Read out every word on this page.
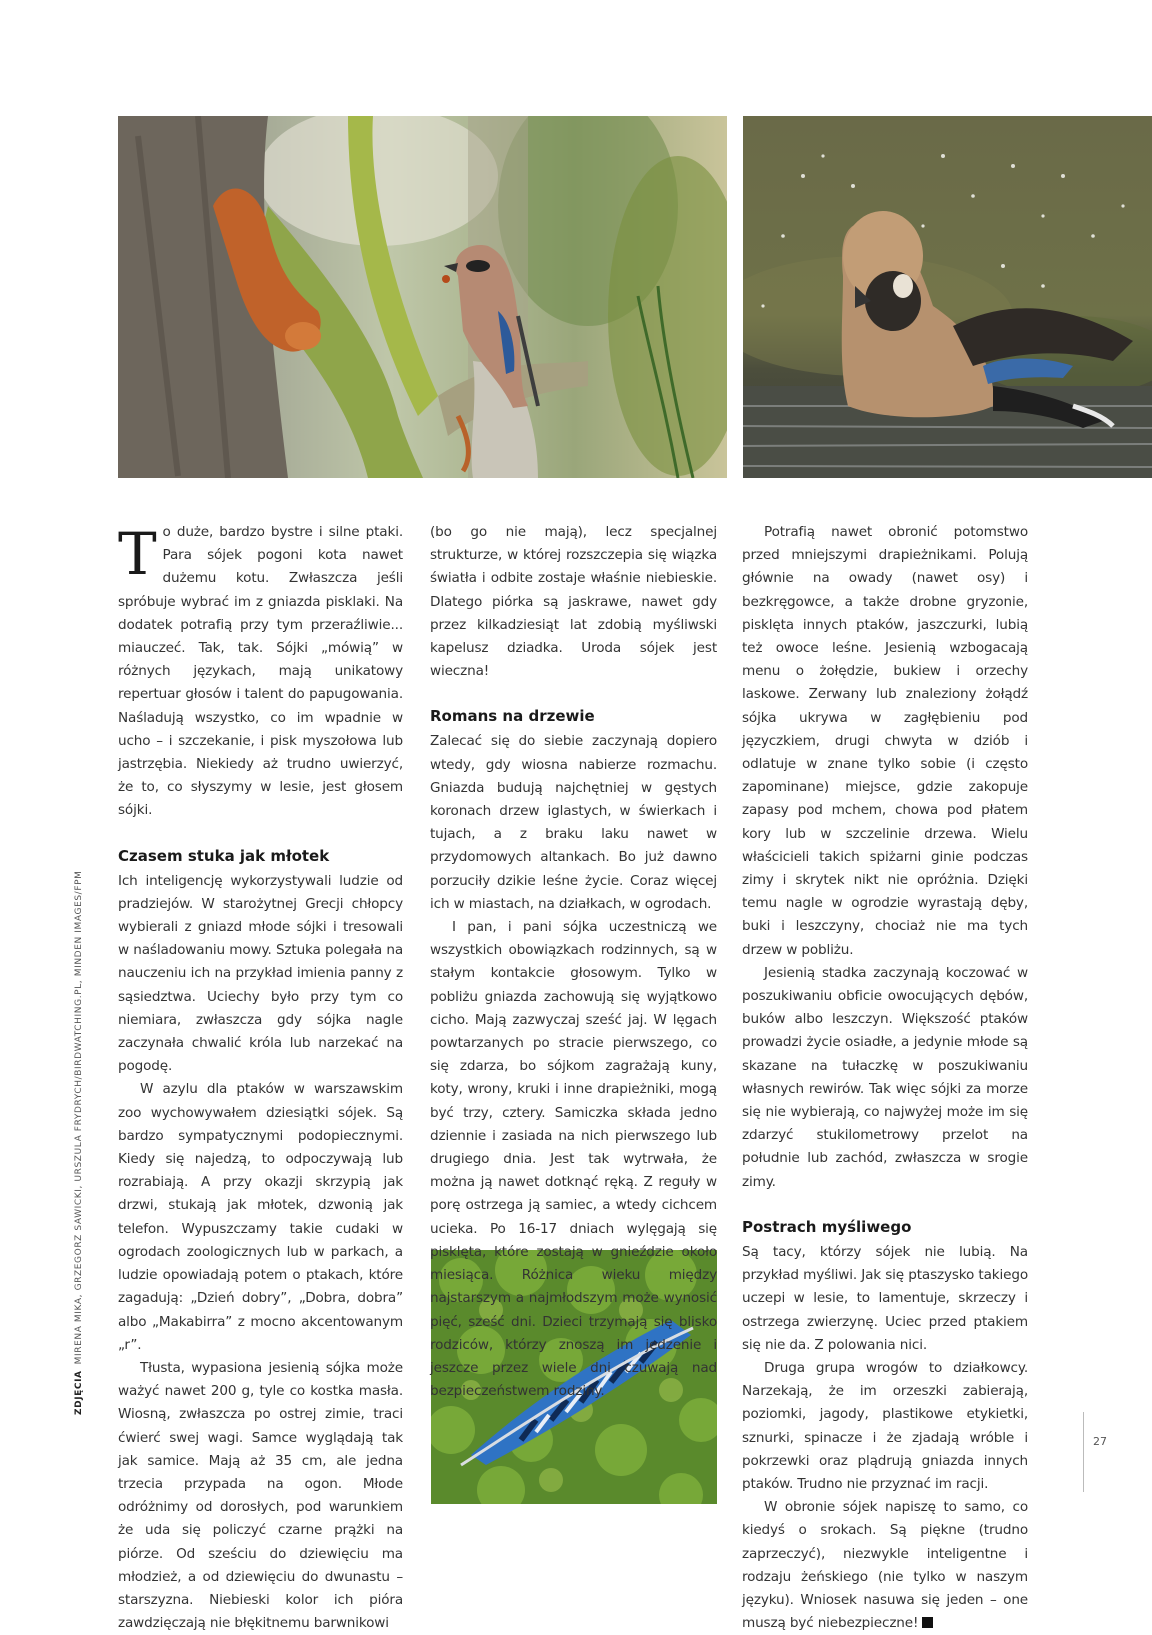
To duże, bardzo bystre i silne ptaki. Para sójek pogoni kota nawet dużemu kotu. Zwłaszcza jeśli spróbuje wybrać im z gniazda pisklaki. Na dodatek potrafią przy tym przeraźliwie... miauczeć. Tak, tak. Sójki „mówią” w różnych językach, mają unikatowy repertuar głosów i talent do papugowania. Naśladują wszystko, co im wpadnie w ucho – i szczekanie, i pisk myszołowa lub jastrzębia. Niekiedy aż trudno uwierzyć, że to, co słyszymy w lesie, jest głosem sójki.

Czasem stuka jak młotek

Ich inteligencję wykorzystywali ludzie od pradziejów. W starożytnej Grecji chłopcy wybierali z gniazd młode sójki i tresowali w naśladowaniu mowy. Sztuka polegała na nauczeniu ich na przykład imienia panny z sąsiedztwa. Uciechy było przy tym co niemiara, zwłaszcza gdy sójka nagle zaczynała chwalić króla lub narzekać na pogodę.

W azylu dla ptaków w warszawskim zoo wychowywałem dziesiątki sójek. Są bardzo sympatycznymi podopiecznymi. Kiedy się najedzą, to odpoczywają lub rozrabiają. A przy okazji skrzypią jak drzwi, stukają jak młotek, dzwonią jak telefon. Wypuszczamy takie cudaki w ogrodach zoologicznych lub w parkach, a ludzie opowiadają potem o ptakach, które zagadują: „Dzień dobry”, „Dobra, dobra” albo „Makabirra” z mocno akcentowanym „r”.

Tłusta, wypasiona jesienią sójka może ważyć nawet 200 g, tyle co kostka masła. Wiosną, zwłaszcza po ostrej zimie, traci ćwierć swej wagi. Samce wyglądają tak jak samice. Mają aż 35 cm, ale jedna trzecia przypada na ogon. Młode odróżnimy od dorosłych, pod warunkiem że uda się policzyć czarne prążki na piórze. Od sześciu do dziewięciu ma młodzież, a od dziewięciu do dwunastu – starszyzna. Niebieski kolor ich pióra zawdzięczają nie błękitnemu barwnikowi

(bo go nie mają), lecz specjalnej strukturze, w której rozszczepia się wiązka światła i odbite zostaje właśnie niebieskie. Dlatego piórka są jaskrawe, nawet gdy przez kilkadziesiąt lat zdobią myśliwski kapelusz dziadka. Uroda sójek jest wieczna!

Romans na drzewie

Zalecać się do siebie zaczynają dopiero wtedy, gdy wiosna nabierze rozmachu. Gniazda budują najchętniej w gęstych koronach drzew iglastych, w świerkach i tujach, a z braku laku nawet w przydomowych altankach. Bo już dawno porzuciły dzikie leśne życie. Coraz więcej ich w miastach, na działkach, w ogrodach.

I pan, i pani sójka uczestniczą we wszystkich obowiązkach rodzinnych, są w stałym kontakcie głosowym. Tylko w pobliżu gniazda zachowują się wyjątkowo cicho. Mają zazwyczaj sześć jaj. W lęgach powtarzanych po stracie pierwszego, co się zdarza, bo sójkom zagrażają kuny, koty, wrony, kruki i inne drapieżniki, mogą być trzy, cztery. Samiczka składa jedno dziennie i zasiada na nich pierwszego lub drugiego dnia. Jest tak wytrwała, że można ją nawet dotknąć ręką. Z reguły w porę ostrzega ją samiec, a wtedy cichcem ucieka. Po 16-17 dniach wylęgają się pisklęta, które zostają w gnieździe około miesiąca. Różnica wieku między najstarszym a najmłodszym może wynosić pięć, sześć dni. Dzieci trzymają się blisko rodziców, którzy znoszą im jedzenie i jeszcze przez wiele dni czuwają nad bezpieczeństwem rodziny.

Potrafią nawet obronić potomstwo przed mniejszymi drapieżnikami. Polują głównie na owady (nawet osy) i bezkręgowce, a także drobne gryzonie, pisklęta innych ptaków, jaszczurki, lubią też owoce leśne. Jesienią wzbogacają menu o żołędzie, bukiew i orzechy laskowe. Zerwany lub znaleziony żołądź sójka ukrywa w zagłębieniu pod języczkiem, drugi chwyta w dziób i odlatuje w znane tylko sobie (i często zapominane) miejsce, gdzie zakopuje zapasy pod mchem, chowa pod płatem kory lub w szczelinie drzewa. Wielu właścicieli takich spiżarni ginie podczas zimy i skrytek nikt nie opróżnia. Dzięki temu nagle w ogrodzie wyrastają dęby, buki i leszczyny, chociaż nie ma tych drzew w pobliżu.

Jesienią stadka zaczynają koczować w poszukiwaniu obficie owocujących dębów, buków albo leszczyn. Większość ptaków prowadzi życie osiadłe, a jedynie młode są skazane na tułaczkę w poszukiwaniu własnych rewirów. Tak więc sójki za morze się nie wybierają, co najwyżej może im się zdarzyć stukilometrowy przelot na południe lub zachód, zwłaszcza w srogie zimy.

Postrach myśliwego

Są tacy, którzy sójek nie lubią. Na przykład myśliwi. Jak się ptaszysko takiego uczepi w lesie, to lamentuje, skrzeczy i ostrzega zwierzynę. Uciec przed ptakiem się nie da. Z polowania nici.

Druga grupa wrogów to działkowcy. Narzekają, że im orzeszki zabierają, poziomki, jagody, plastikowe etykietki, sznurki, spinacze i że zjadają wróble i pokrzewki oraz plądrują gniazda innych ptaków. Trudno nie przyznać im racji.

W obronie sójek napiszę to samo, co kiedyś o srokach. Są piękne (trudno zaprzeczyć), niezwykle inteligentne i rodzaju żeńskiego (nie tylko w naszym języku). Wniosek nasuwa się jeden – one muszą być niebezpieczne!

ZDJĘCIAMIRENA MIKA, GRZEGORZ SAWICKI, URSZULA FRYDRYCH/BIRDWATCHING.PL, MINDEN IMAGES/FPM
27
